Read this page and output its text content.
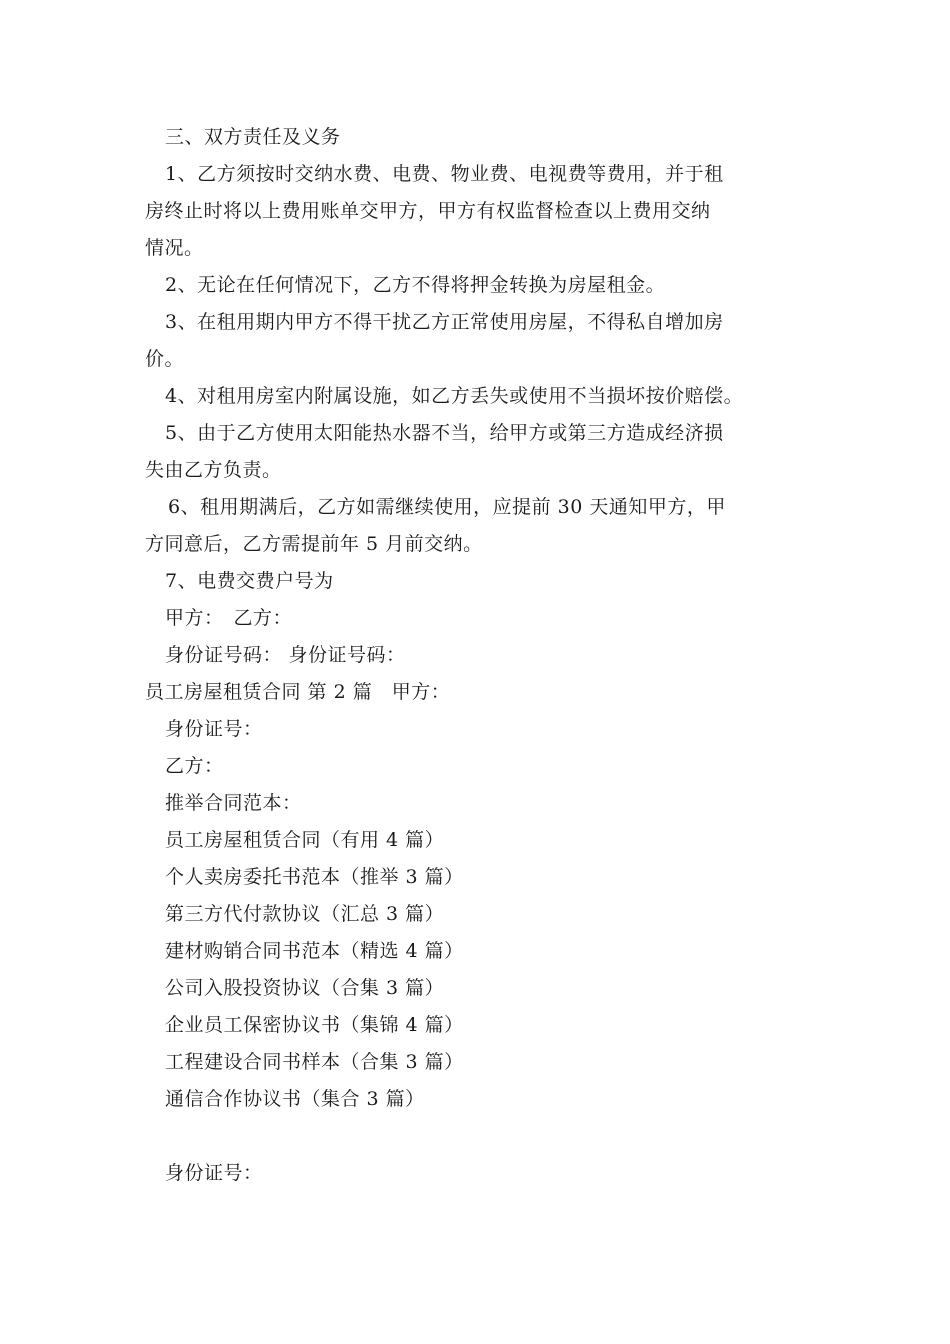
三、双方责任及义务
1、乙方须按时交纳水费、电费、物业费、电视费等费用，并于租
房终止时将以上费用账单交甲方，甲方有权监督检查以上费用交纳
情况。
2、无论在任何情况下，乙方不得将押金转换为房屋租金。
3、在租用期内甲方不得干扰乙方正常使用房屋，不得私自增加房
价。
4、对租用房室内附属设施，如乙方丢失或使用不当损坏按价赔偿。
5、由于乙方使用太阳能热水器不当，给甲方或第三方造成经济损
失由乙方负责。
6、租用期满后，乙方如需继续使用，应提前 30 天通知甲方，甲
方同意后，乙方需提前年 5 月前交纳。
7、电费交费户号为
甲方：　乙方：
身份证号码： 身份证号码：
员工房屋租赁合同 第 2 篇　甲方：
身份证号：
乙方：
推举合同范本：
员工房屋租赁合同（有用 4 篇）
个人卖房委托书范本（推举 3 篇）
第三方代付款协议（汇总 3 篇）
建材购销合同书范本（精选 4 篇）
公司入股投资协议（合集 3 篇）
企业员工保密协议书（集锦 4 篇）
工程建设合同书样本（合集 3 篇）
通信合作协议书（集合 3 篇）
身份证号：
